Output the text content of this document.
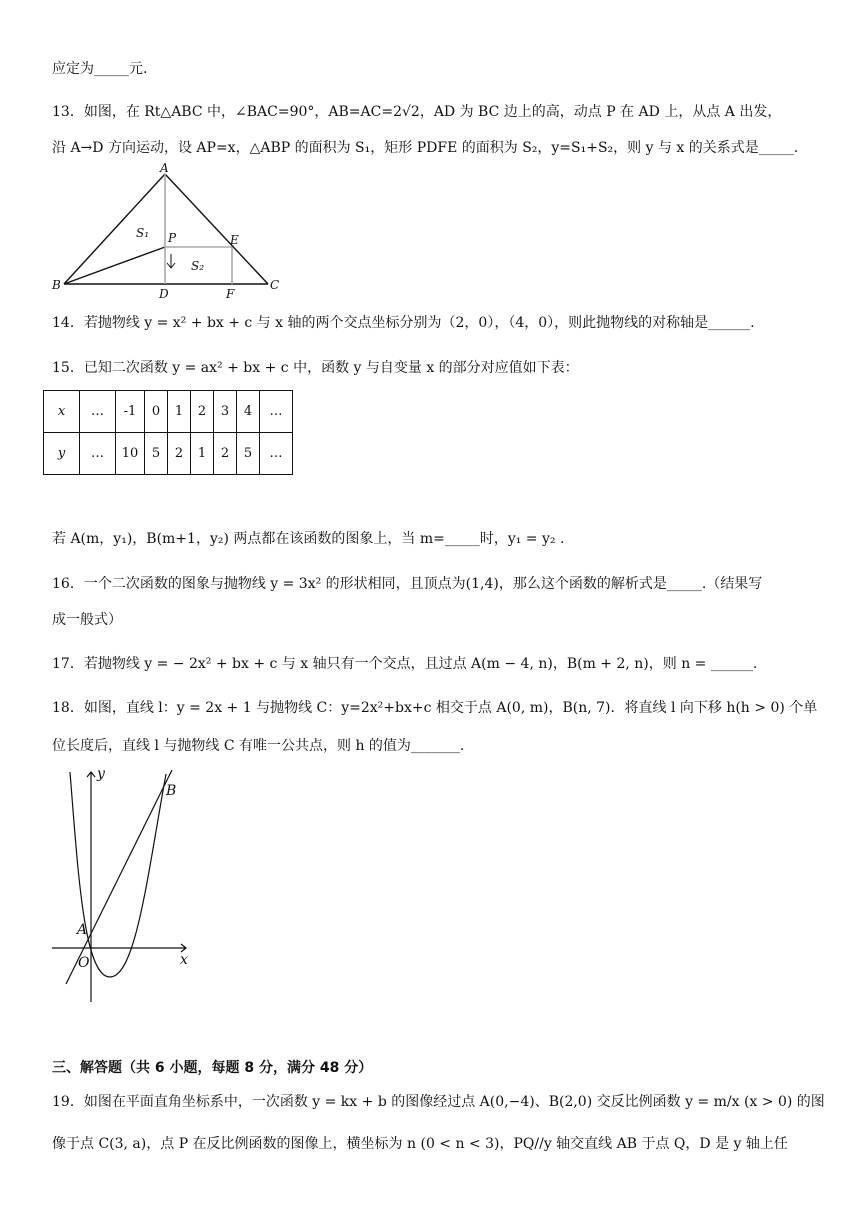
应定为_____元.
13．如图，在 Rt△ABC 中，∠BAC=90°，AB=AC=2√2，AD 为 BC 边上的高，动点 P 在 AD 上，从点 A 出发，
沿 A→D 方向运动，设 AP=x，△ABP 的面积为 S₁，矩形 PDFE 的面积为 S₂，y=S₁+S₂，则 y 与 x 的关系式是_____.
A
B	C
D
E
F
P
S₁
S₂
14．若抛物线 y = x² + bx + c 与 x 轴的两个交点坐标分别为（2，0），（4，0），则此抛物线的对称轴是______.
15．已知二次函数 y = ax² + bx + c 中，函数 y 与自变量 x 的部分对应值如下表：
x	…	-1	0	1	2	3	4	…
y	…	10	5	2	1	2	5	…
若 A(m，y₁)，B(m+1，y₂) 两点都在该函数的图象上，当 m=_____时，y₁ = y₂ .
16．一个二次函数的图象与抛物线 y = 3x² 的形状相同，且顶点为(1,4)，那么这个函数的解析式是_____.（结果写
成一般式）
17．若抛物线 y = − 2x² + bx + c 与 x 轴只有一个交点，且过点 A(m − 4, n)，B(m + 2, n)，则 n = ______.
18．如图，直线 l：y = 2x + 1 与抛物线 C：y=2x²+bx+c 相交于点 A(0, m)，B(n, 7)．将直线 l 向下移 h(h > 0) 个单
位长度后，直线 l 与抛物线 C 有唯一公共点，则 h 的值为_______.
y
x
O
A
B
三、解答题（共 6 小题，每题 8 分，满分 48 分）
19．如图在平面直角坐标系中，一次函数 y = kx + b 的图像经过点 A(0,−4)、B(2,0) 交反比例函数 y = m/x (x > 0) 的图
像于点 C(3, a)，点 P 在反比例函数的图像上，横坐标为 n (0 < n < 3)，PQ//y 轴交直线 AB 于点 Q，D 是 y 轴上任
